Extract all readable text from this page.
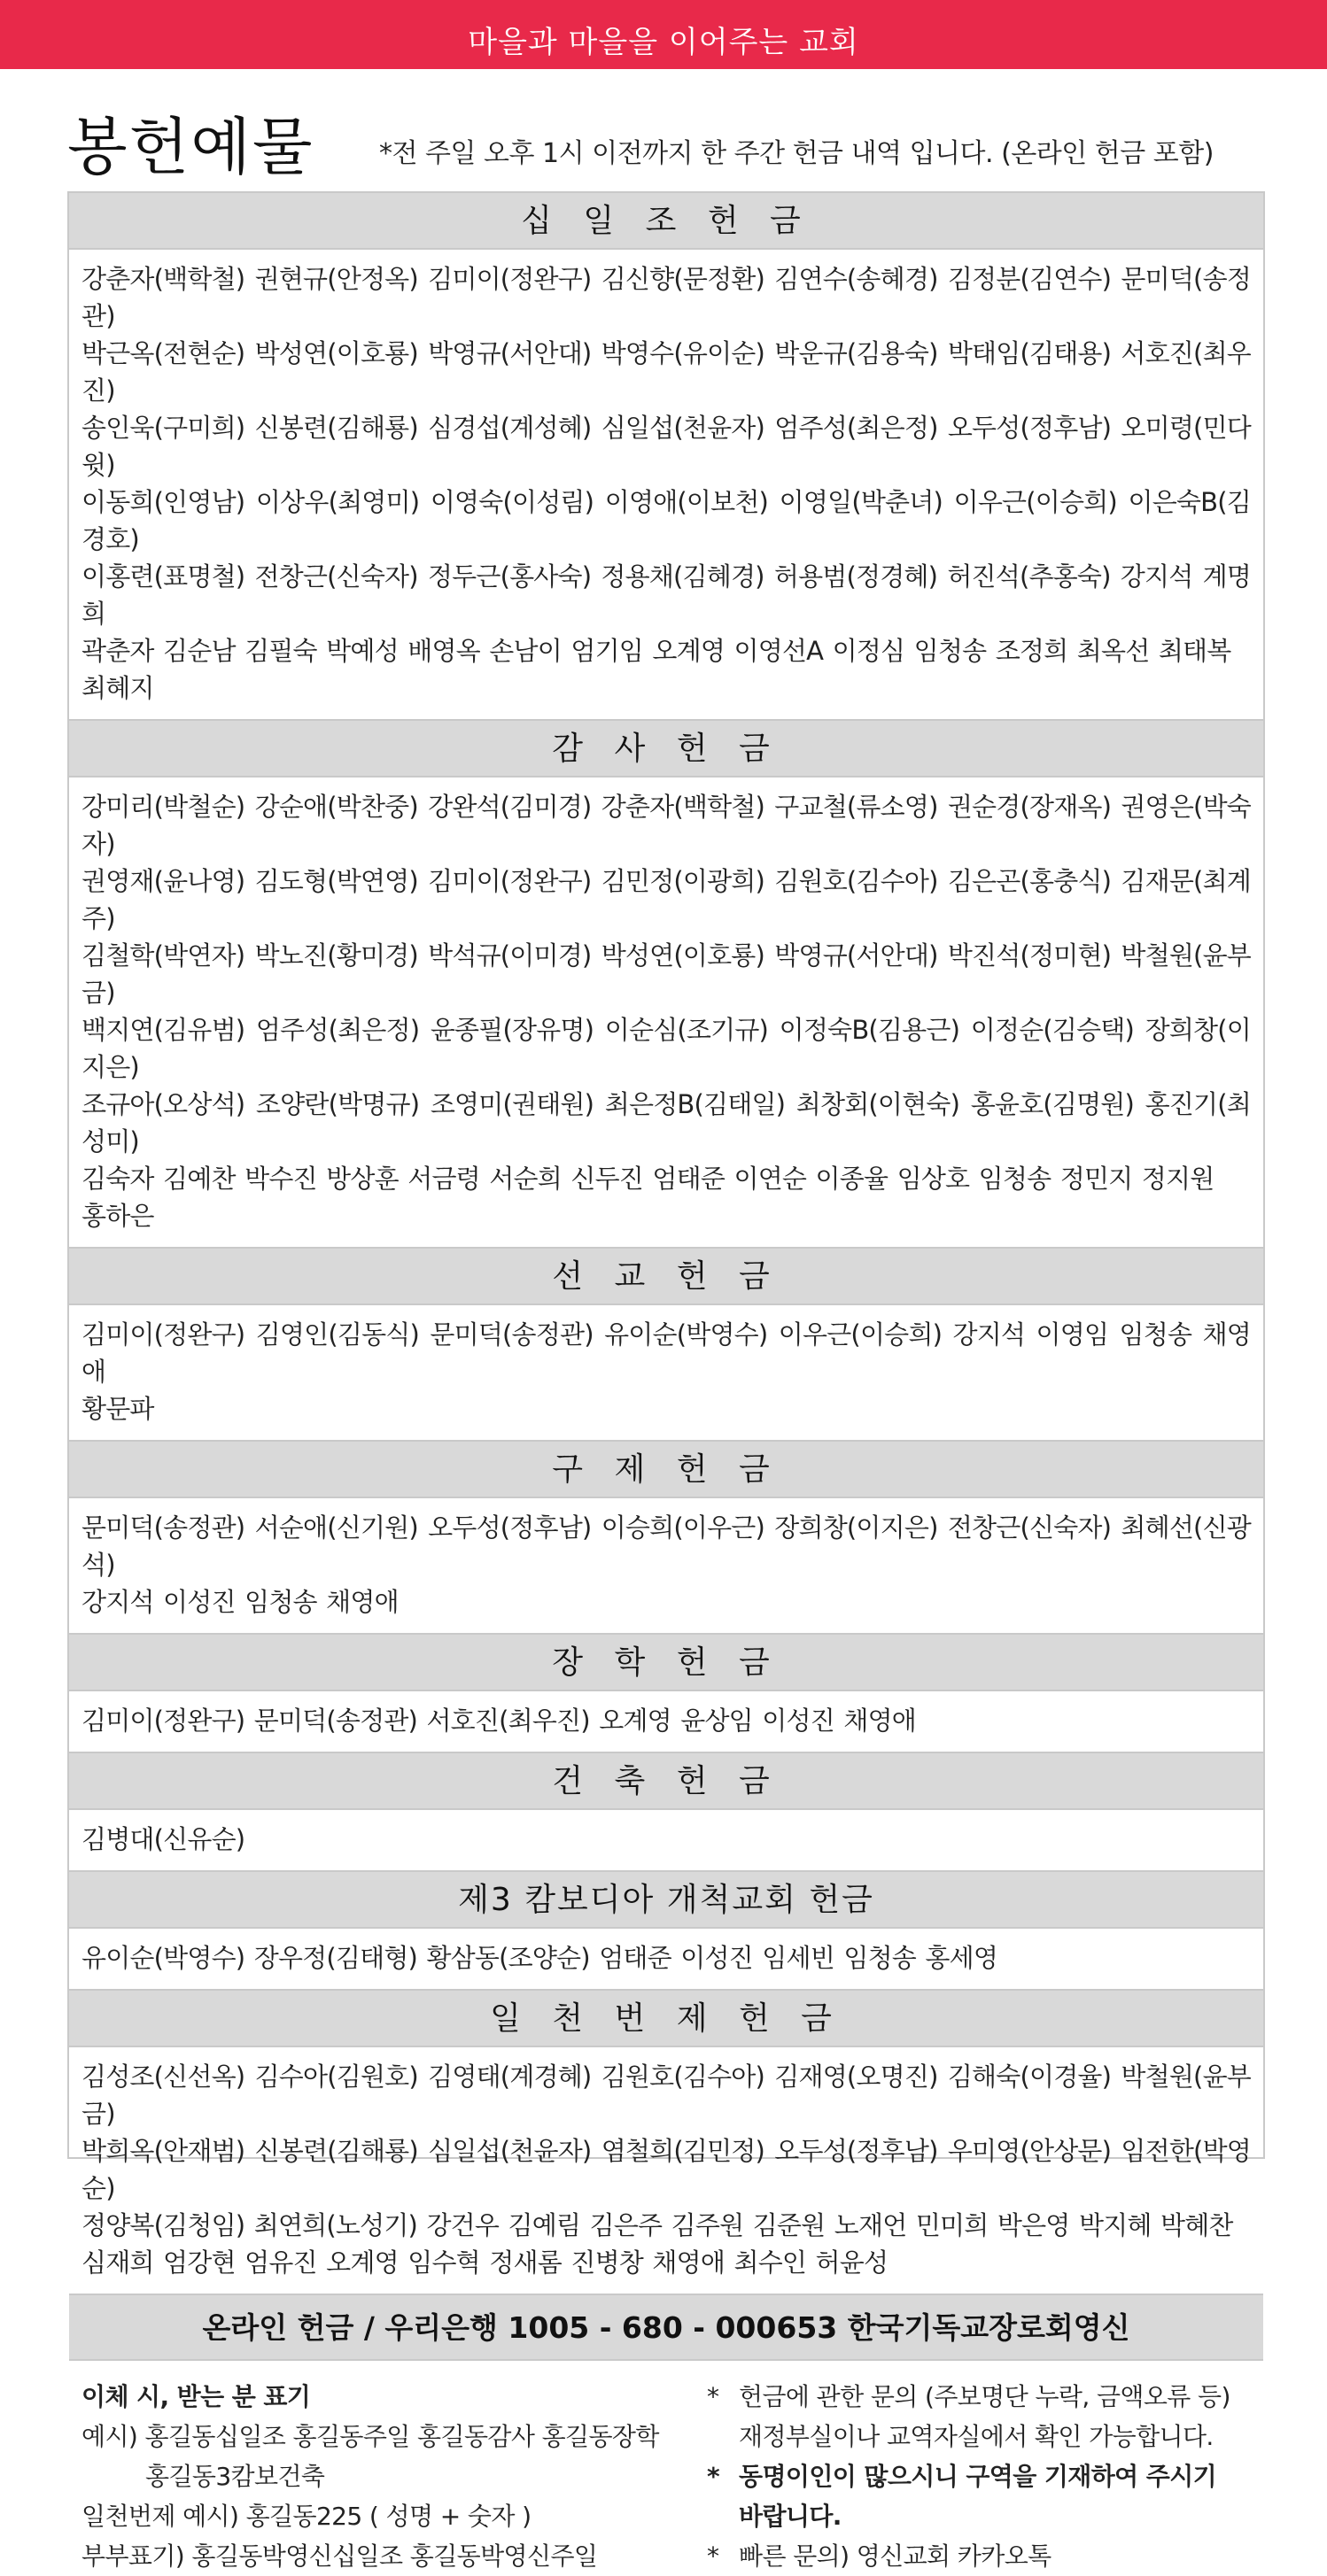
마을과 마을을 이어주는 교회
봉헌예물 *전 주일 오후 1시 이전까지 한 주간 헌금 내역 입니다. (온라인 헌금 포함)
십 일 조 헌 금
강춘자(백학철) 권현규(안정옥) 김미이(정완구) 김신향(문정환) 김연수(송혜경) 김정분(김연수) 문미덕(송정관)
박근옥(전현순) 박성연(이호룡) 박영규(서안대) 박영수(유이순) 박운규(김용숙) 박태임(김태용) 서호진(최우진)
송인욱(구미희) 신봉련(김해룡) 심경섭(계성혜) 심일섭(천윤자) 엄주성(최은정) 오두성(정후남) 오미령(민다윗)
이동희(인영남) 이상우(최영미) 이영숙(이성림) 이영애(이보천) 이영일(박춘녀) 이우근(이승희) 이은숙B(김경호)
이홍련(표명철) 전창근(신숙자) 정두근(홍사숙) 정용채(김혜경) 허용범(정경혜) 허진석(추홍숙) 강지석 계명희
곽춘자 김순남 김필숙 박예성 배영옥 손남이 엄기임 오계영 이영선A 이정심 임청송 조정희 최옥선 최태복
최혜지
감 사 헌 금
강미리(박철순) 강순애(박찬중) 강완석(김미경) 강춘자(백학철) 구교철(류소영) 권순경(장재옥) 권영은(박숙자)
권영재(윤나영) 김도형(박연영) 김미이(정완구) 김민정(이광희) 김원호(김수아) 김은곤(홍충식) 김재문(최계주)
김철학(박연자) 박노진(황미경) 박석규(이미경) 박성연(이호룡) 박영규(서안대) 박진석(정미현) 박철원(윤부금)
백지연(김유범) 엄주성(최은정) 윤종필(장유명) 이순심(조기규) 이정숙B(김용근) 이정순(김승택) 장희창(이지은)
조규아(오상석) 조양란(박명규) 조영미(권태원) 최은정B(김태일) 최창회(이현숙) 홍윤호(김명원) 홍진기(최성미)
김숙자 김예찬 박수진 방상훈 서금령 서순희 신두진 엄태준 이연순 이종율 임상호 임청송 정민지 정지원
홍하은
선 교 헌 금
김미이(정완구) 김영인(김동식) 문미덕(송정관) 유이순(박영수) 이우근(이승희) 강지석 이영임 임청송 채영애
황문파
구 제 헌 금
문미덕(송정관) 서순애(신기원) 오두성(정후남) 이승희(이우근) 장희창(이지은) 전창근(신숙자) 최혜선(신광석)
강지석 이성진 임청송 채영애
장 학 헌 금
김미이(정완구) 문미덕(송정관) 서호진(최우진) 오계영 윤상임 이성진 채영애
건 축 헌 금
김병대(신유순)
제3 캄보디아 개척교회 헌금
유이순(박영수) 장우정(김태형) 황삼동(조양순) 엄태준 이성진 임세빈 임청송 홍세영
일 천 번 제 헌 금
김성조(신선옥) 김수아(김원호) 김영태(계경혜) 김원호(김수아) 김재영(오명진) 김해숙(이경율) 박철원(윤부금)
박희옥(안재범) 신봉련(김해룡) 심일섭(천윤자) 염철희(김민정) 오두성(정후남) 우미영(안상문) 임전한(박영순)
정양복(김청임) 최연희(노성기) 강건우 김예림 김은주 김주원 김준원 노재언 민미희 박은영 박지혜 박혜찬
심재희 엄강현 엄유진 오계영 임수혁 정새롬 진병창 채영애 최수인 허윤성
온라인 헌금 / 우리은행 1005 - 680 - 000653 한국기독교장로회영신
이체 시, 받는 분 표기
예시) 홍길동십일조 홍길동주일 홍길동감사 홍길동장학
홍길동3캄보건축
일천번제 예시) 홍길동225 ( 성명 + 숫자 )
부부표기) 홍길동박영신십일조 홍길동박영신주일
* 헌금에 관한 문의 (주보명단 누락, 금액오류 등)
재정부실이나 교역자실에서 확인 가능합니다.
* 동명이인이 많으시니 구역을 기재하여 주시기
바랍니다.
* 빠른 문의) 영신교회 카카오톡
